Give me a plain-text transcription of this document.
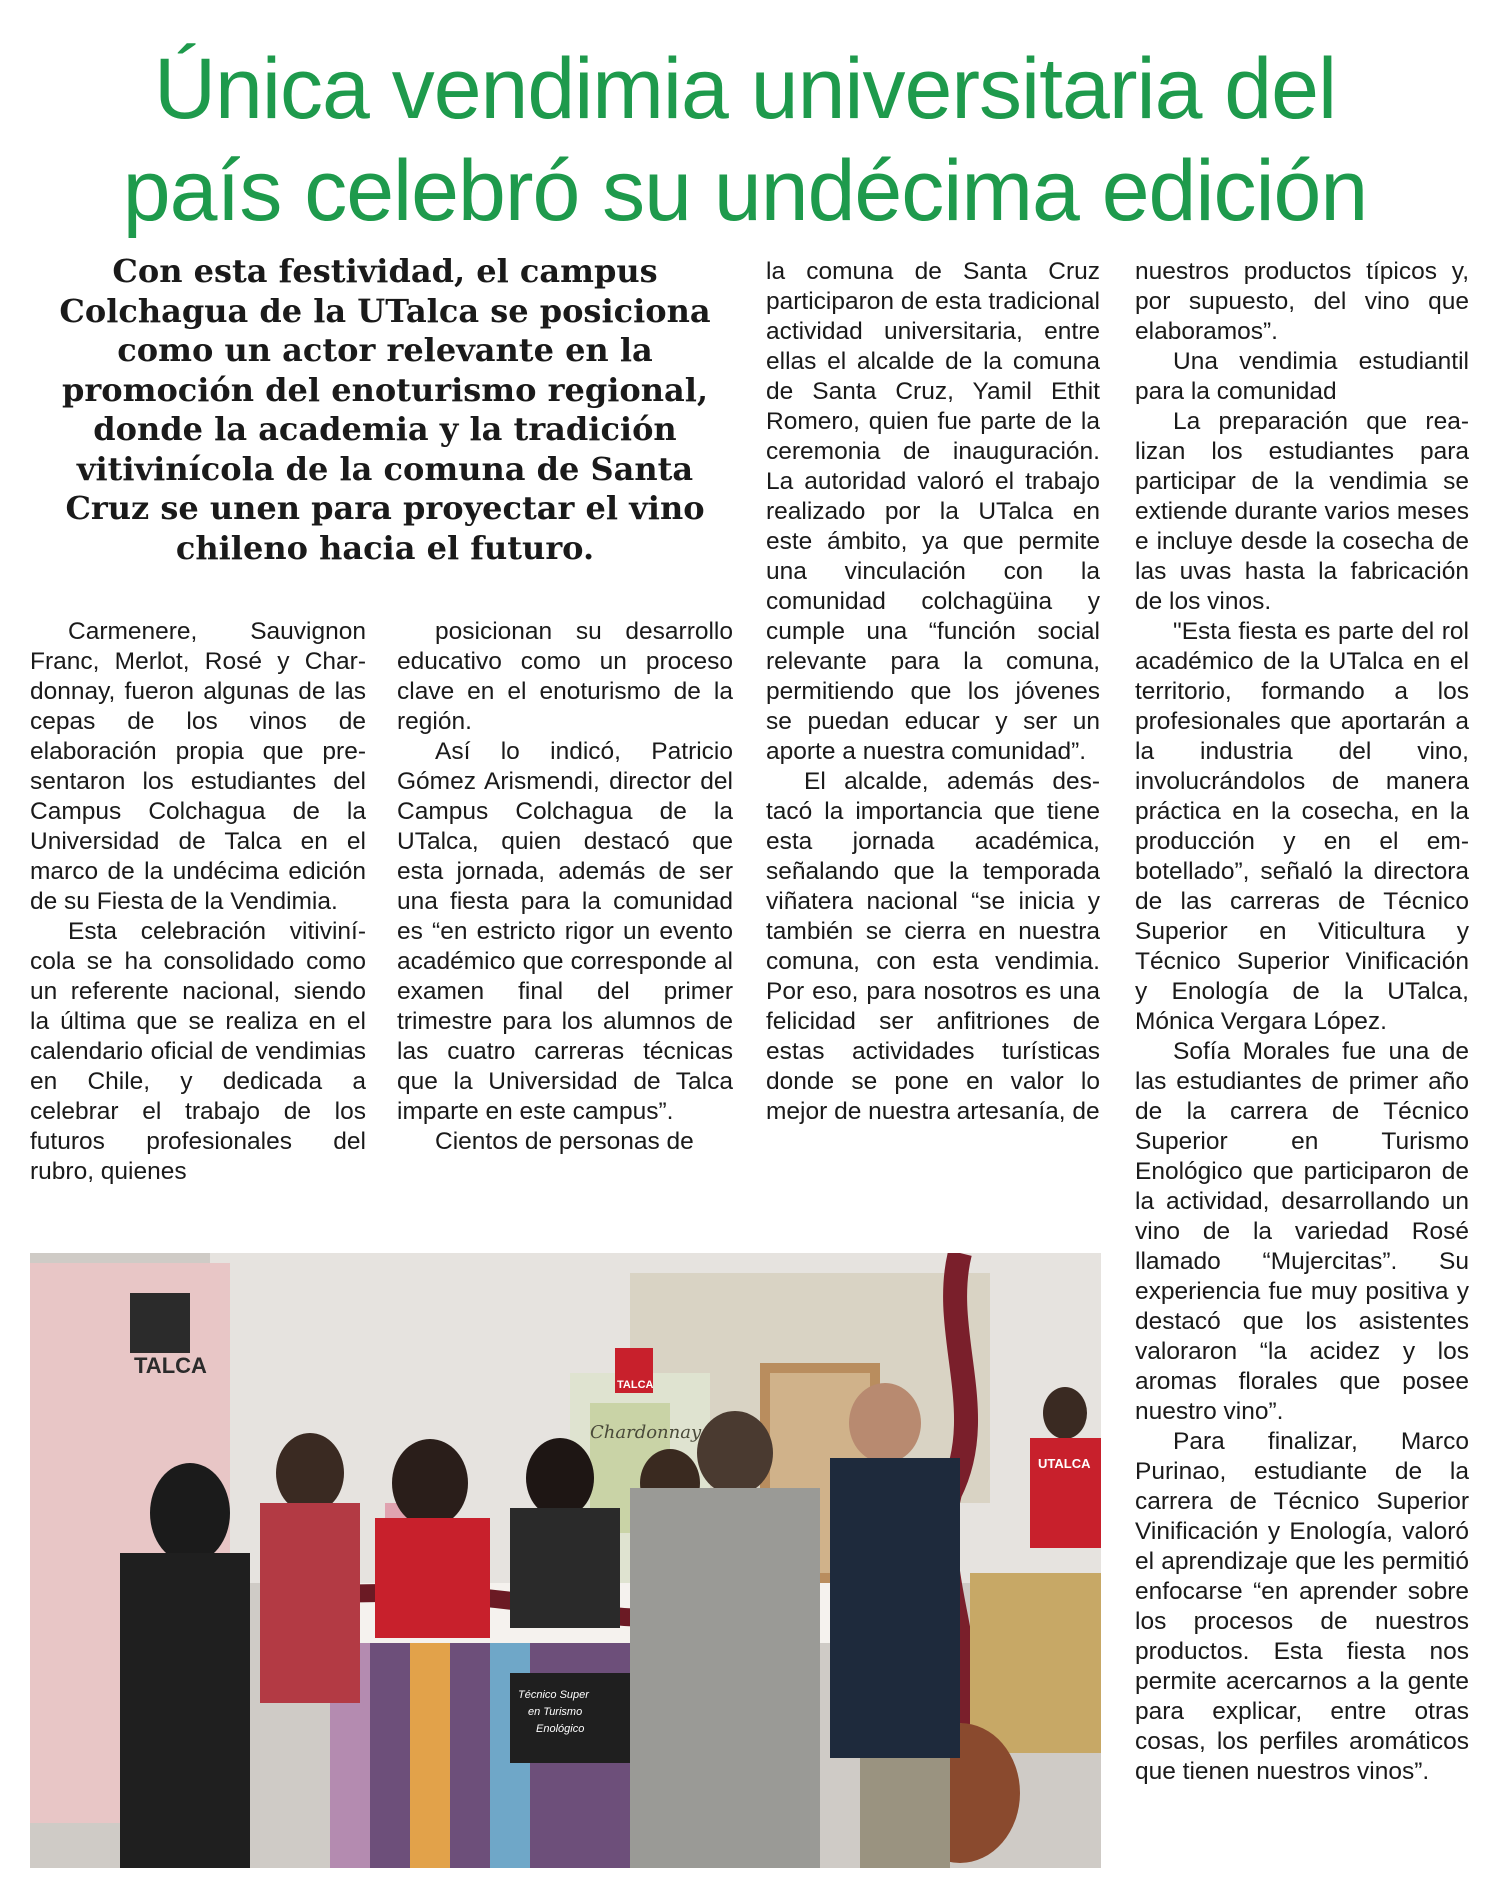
Única vendimia universitaria del
país celebró su undécima edición

Con esta festividad, el campus Colchagua de la UTalca se posiciona como un actor relevante en la promoción del enoturismo regional, donde la academia y la tradición vitivinícola de la comuna de Santa Cruz se unen para proyectar el vino chileno hacia el futuro.

Carmenere, Sauvignon Franc, Merlot, Rosé y Chardonnay, fueron algunas de las cepas de los vinos de elaboración propia que presentaron los estudiantes del Campus Colchagua de la Universidad de Talca en el marco de la undécima edición de su Fiesta de la Vendimia.

Esta celebración vitivinícola se ha consolidado como un referente nacional, siendo la última que se realiza en el calendario oficial de vendimias en Chile, y dedicada a celebrar el trabajo de los futuros profesionales del rubro, quienes

posicionan su desarrollo educativo como un proceso clave en el enoturismo de la región.

Así lo indicó, Patricio Gómez Arismendi, director del Campus Colchagua de la UTalca, quien destacó que esta jornada, además de ser una fiesta para la comunidad es “en estricto rigor un evento académico que corresponde al examen final del primer trimestre para los alumnos de las cuatro carreras técnicas que la Universidad de Talca imparte en este campus”.

Cientos de personas de

la comuna de Santa Cruz participaron de esta tradicional actividad universitaria, entre ellas el alcalde de la comuna de Santa Cruz, Yamil Ethit Romero, quien fue parte de la ceremonia de inauguración. La autoridad valoró el trabajo realizado por la UTalca en este ámbito, ya que permite una vinculación con la comunidad colchagüina y cumple una “función social relevante para la comuna, permitiendo que los jóvenes se puedan educar y ser un aporte a nuestra comunidad”.

El alcalde, además destacó la importancia que tiene esta jornada académica, señalando que la temporada viñatera nacional “se inicia y también se cierra en nuestra comuna, con esta vendimia. Por eso, para nosotros es una felicidad ser anfitriones de estas actividades turísticas donde se pone en valor lo mejor de nuestra artesanía, de

nuestros productos típicos y, por supuesto, del vino que elaboramos”.

Una vendimia estudiantil para la comunidad

La preparación que realizan los estudiantes para participar de la vendimia se extiende durante varios meses e incluye desde la cosecha de las uvas hasta la fabricación de los vinos.

"Esta fiesta es parte del rol académico de la UTalca en el territorio, formando a los profesionales que aportarán a la industria del vino, involucrándolos de manera práctica en la cosecha, en la producción y en el embotellado”, señaló la directora de las carreras de Técnico Superior en Viticultura y Técnico Superior Vinificación y Enología de la UTalca, Mónica Vergara López.

Sofía Morales fue una de las estudiantes de primer año de la carrera de Técnico Superior en Turismo Enológico que participaron de la actividad, desarrollando un vino de la variedad Rosé llamado “Mujercitas”. Su experiencia fue muy positiva y destacó que los asistentes valoraron “la acidez y los aromas florales que posee nuestro vino”.

Para finalizar, Marco Purinao, estudiante de la carrera de Técnico Superior Vinificación y Enología, valoró el aprendizaje que les permitió enfocarse “en aprender sobre los procesos de nuestros productos. Esta fiesta nos permite acercarnos a la gente para explicar, entre otras cosas, los perfiles aromáticos que tienen nuestros vinos”.

TALCA
Chardonnay
TALCA
Técnico Super
en Turismo
Enológico
UTALCA
